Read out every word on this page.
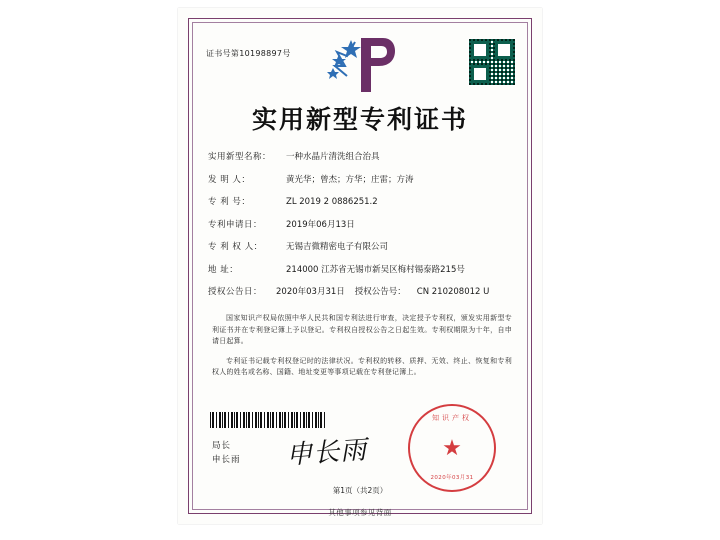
证书号第10198897号
实用新型专利证书
实用新型名称：	一种水晶片清洗组合治具
发 明 人：	黄光华；曾杰；方华；庄雷；方涛
专 利 号：	ZL 2019 2 0886251.2
专利申请日：	2019年06月13日
专 利 权 人：	无锡吉微精密电子有限公司
地 址：	214000 江苏省无锡市新吴区梅村锡泰路215号
授权公告日：	2020年03月31日 授权公告号：	CN 210208012 U

国家知识产权局依照中华人民共和国专利法进行审查，决定授予专利权，颁发实用新型专利证书并在专利登记簿上予以登记。专利权自授权公告之日起生效。专利权期限为十年，自申请日起算。

专利证书记载专利权登记时的法律状况。专利权的转移、质押、无效、终止、恢复和专利权人的姓名或名称、国籍、地址变更等事项记载在专利登记簿上。

知识产权
★
2020年03月31
局长
申长雨 申长雨
第1页（共2页）
其他事项参见背面
